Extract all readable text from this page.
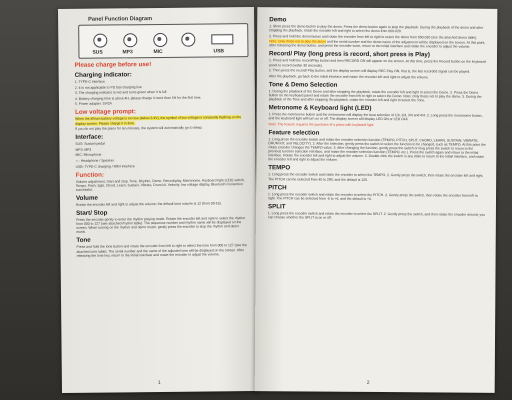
Panel Function Diagram
SUS	MP3	MIC	USB
Please charge before use!
Charging indicator:

1. TYPE-C interface

2. It is not applicable to PD fast charging line

3. The charging indicator is red and turns green when it is full

4. Battery charging time is about 4H, please charge it more than 5H for the first time

5. Power adapter: 5V/2A

Low voltage prompt:

When the lithium battery voltage is too low (below 3.4V), the symbol of low voltage is constantly flashing on the display screen. Please charge it in time.

If you do not play the piano for ten minutes, the system will automatically go to sleep.

Interface:

SUS: Sustain pedal

MP3: MP3

MIC: Microphone

∩ : Headphone / Speaker

USB: TYPE-C charging / MIDI interface

Function:

Volume adjustment, Start and stop, Tone, Rhythm, Demo, Record/play, Metronome, Keyboard light (LED) switch, Tempo, Pitch, Split, Chord, Learn, Sustain, Vibrato, Drum kit, Velocity, low voltage display, Bluetooth connection successful.

Volume

Rotate the encoder left and right to adjust the volume; the default boot volume is 12 (from 00-16).

Start/ Stop

Press the encoder gently to enter the rhythm playing mode. Rotate the encoder left and right to select the rhythm from 000 to 127 (see attached rhythm table). The sequence number and rhythm name will be displayed on the screen. When turning on the rhythm and demo music, gently press the encoder to stop the rhythm and demo music.

Tone

Press and hold the tone button and rotate the encoder from left to right to select the tone from 000 to 127 (see the attached tone table). The serial number and the name of the adjusted tone will be displayed on the screen. After releasing the tone key, return to the initial interface and rotate the encoder to adjust the volume.

1
Demo

1. Short press the demo button to play the demo. Press the demo button again to stop the playback. During the playback of the demo and after stopping the playback, rotate the encoder left and right to select the demo from 000-020.

2. Press and hold the demo button and rotate the encoder from left to right to select the demo from 000-020 (see the attached demo table).

Note: Only those not to play the demo and the serial number and the demo name of the adjustment will be displayed on the screen. At this point, after releasing the demo button, and press the encoder twice, return to the initial interface and rotate the encoder to adjust the volume.

Record/ Play (long press is record, short press is Play)

1. Press and hold the record/Play button and then RECORD ON will appear on the screen. At this time, press the Record button on the keyboard panel to record (within 30 seconds).

2. Then press the record/ Play button, and the display screen will display REC Play ON, that is, the last recorded signal can be played.

After the playback, go back to the initial interface and rotate the encoder left and right to adjust the volume.

Tone & Demo Selection

1. During the playback of the Demo and after stopping the playback, rotate the encoder left and right to select the Demo. 2. Press the Demo button on the keyboard panel and rotate the encoder from left to right to select the Demo. Note: Only those not to play the demo. 3. During the playback of the Tone and after stopping the playback, rotate the encoder left and right to select the Tone.

Metronome & Keyboard light (LED)

1. Press the metronome button and the metronome will display the beat selection of 1/4, 2/4, 3/4 and 4/4. 2. Long press the metronome button, and the keyboard light will turn on or off. The display screen will display LED ON or LED OFF.

Note: The feature requires the purchase of a piano with keyboard light

Feature selection

1. Long press the encoder switch and rotate the encoder selection function (TEMPO, PITCH, SPLIT, CHORD, LEARN, SUSTAIN, VIBRATE, DRUM KIT, and VELOCITY). 2. After the selection, gently press the switch to select the function to be changed, such as TEMPO. At this point the rotary encoder changes the TEMPO value. 3. After changing the function, gently press the switch or long press the switch to return to the previous function selection interface, and rotate the encoder selection function (TEMPO, etc.). Press the switch again and return to the initial interface. Rotate the encoder left and right to adjust the volume. 4. Double-click the switch in any state to return to the initial interface, and rotate the encoder left and right to adjust the volume.

TEMPO

1. Long press the encoder switch and rotate the encoder to select the TEMPO. 2. Gently press the switch, then rotate the encoder left and right. The PITCH can be selected from 40 to 280, and the default is 120.

PITCH

1. Long press the encoder switch and rotate the encoder to select the PITCH. 2. Gently press the switch, then rotate the encoder from left to right. The PITCH can be selected from -6 to +6, and the default is +0.

SPLIT

1. Long press the encoder switch and rotate the encoder to select the SPLIT. 2. Gently press the switch, and then rotate the encoder around; you can choose whether the SPLIT is on or off.

2
